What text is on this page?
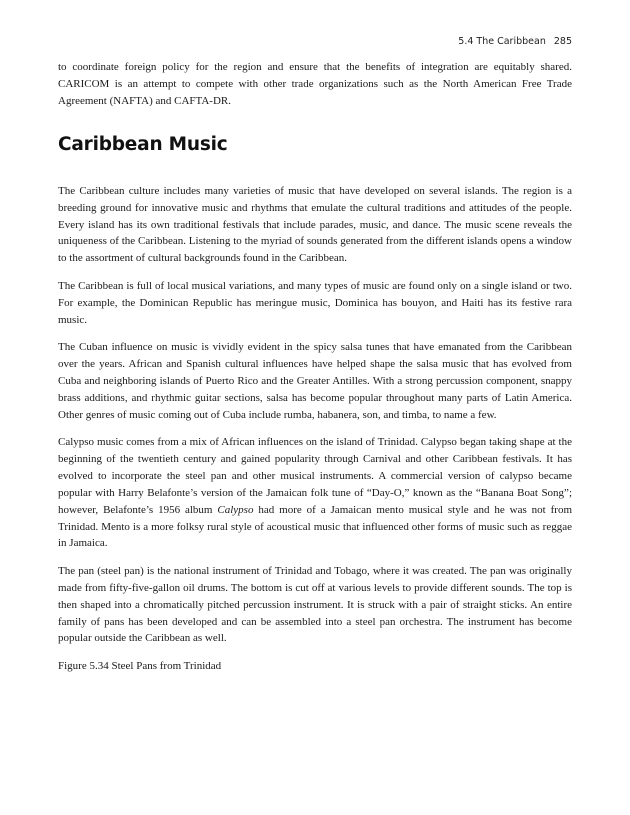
5.4 The Caribbean 285

to coordinate foreign policy for the region and ensure that the benefits of integration are equitably shared. CARICOM is an attempt to compete with other trade organizations such as the North American Free Trade Agreement (NAFTA) and CAFTA-DR.

Caribbean Music

The Caribbean culture includes many varieties of music that have developed on several islands. The region is a breeding ground for innovative music and rhythms that emulate the cultural traditions and attitudes of the people. Every island has its own traditional festivals that include parades, music, and dance. The music scene reveals the uniqueness of the Caribbean. Listening to the myriad of sounds generated from the different islands opens a window to the assortment of cultural backgrounds found in the Caribbean.

The Caribbean is full of local musical variations, and many types of music are found only on a single island or two. For example, the Dominican Republic has meringue music, Dominica has bouyon, and Haiti has its festive rara music.

The Cuban influence on music is vividly evident in the spicy salsa tunes that have emanated from the Caribbean over the years. African and Spanish cultural influences have helped shape the salsa music that has evolved from Cuba and neighboring islands of Puerto Rico and the Greater Antilles. With a strong percussion component, snappy brass additions, and rhythmic guitar sections, salsa has become popular throughout many parts of Latin America. Other genres of music coming out of Cuba include rumba, habanera, son, and timba, to name a few.

Calypso music comes from a mix of African influences on the island of Trinidad. Calypso began taking shape at the beginning of the twentieth century and gained popularity through Carnival and other Caribbean festivals. It has evolved to incorporate the steel pan and other musical instruments. A commercial version of calypso became popular with Harry Belafonte’s version of the Jamaican folk tune of “Day-O,” known as the “Banana Boat Song”; however, Belafonte’s 1956 album Calypso had more of a Jamaican mento musical style and he was not from Trinidad. Mento is a more folksy rural style of acoustical music that influenced other forms of music such as reggae in Jamaica.

The pan (steel pan) is the national instrument of Trinidad and Tobago, where it was created. The pan was originally made from fifty-five-gallon oil drums. The bottom is cut off at various levels to provide different sounds. The top is then shaped into a chromatically pitched percussion instrument. It is struck with a pair of straight sticks. An entire family of pans has been developed and can be assembled into a steel pan orchestra. The instrument has become popular outside the Caribbean as well.

Figure 5.34 Steel Pans from Trinidad
